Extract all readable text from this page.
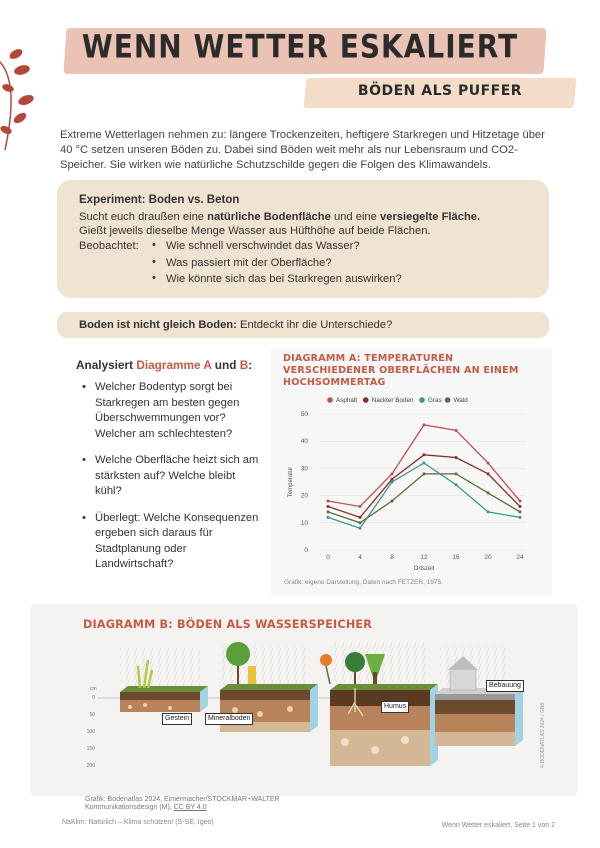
WENN WETTER ESKALIERT
BÖDEN ALS PUFFER

Extreme Wetterlagen nehmen zu: längere Trockenzeiten, heftigere Starkregen und Hitzetage über 40 °C setzen unseren Böden zu. Dabei sind Böden weit mehr als nur Lebensraum und CO2-Speicher. Sie wirken wie natürliche Schutzschilde gegen die Folgen des Klimawandels.

Experiment: Boden vs. Beton
Sucht euch draußen eine natürliche Bodenfläche und eine versiegelte Fläche.
Gießt jeweils dieselbe Menge Wasser aus Hüfthöhe auf beide Flächen.
Beobachtet:
•	Wie schnell verschwindet das Wasser?
• Was passiert mit der Oberfläche?
• Wie könnte sich das bei Starkregen auswirken?
Boden ist nicht gleich Boden: Entdeckt ihr die Unterschiede?
Analysiert Diagramme A und B:
• Welcher Bodentyp sorgt bei Starkregen am besten gegen Überschwemmungen vor? Welcher am schlechtesten?
• Welche Oberfläche heizt sich am stärksten auf? Welche bleibt kühl?
• Überlegt: Welche Konsequenzen ergeben sich daraus für Stadtplanung oder Landwirtschaft?
DIAGRAMM A: TEMPERATUREN VERSCHIEDENER OBERFLÄCHEN AN EINEM HOCHSOMMERTAG
0
10
20
30
40
50
0	4	8	12	16	20	24
Ortszeit
Temperatur
Asphalt Nackter Boden Gras Wald
Grafik: eigene Darstellung, Daten nach FETZER, 1975.
DIAGRAMM B: BÖDEN ALS WASSERSPEICHER
cm
0
50
100
150
200
Gestein	Mineralboden
Humus
Bebauung
© BODENATLAS 2024 / GBB
Grafik: Bodenatlas 2024, Eimermacher/STOCKMAR+WALTER
Kommunikationsdesign (M), CC BY 4.0
NaKlim: Natürlich – Klima schützen! (S-SE, Igeo)	Wenn Wetter eskaliert, Seite 1 von 2
